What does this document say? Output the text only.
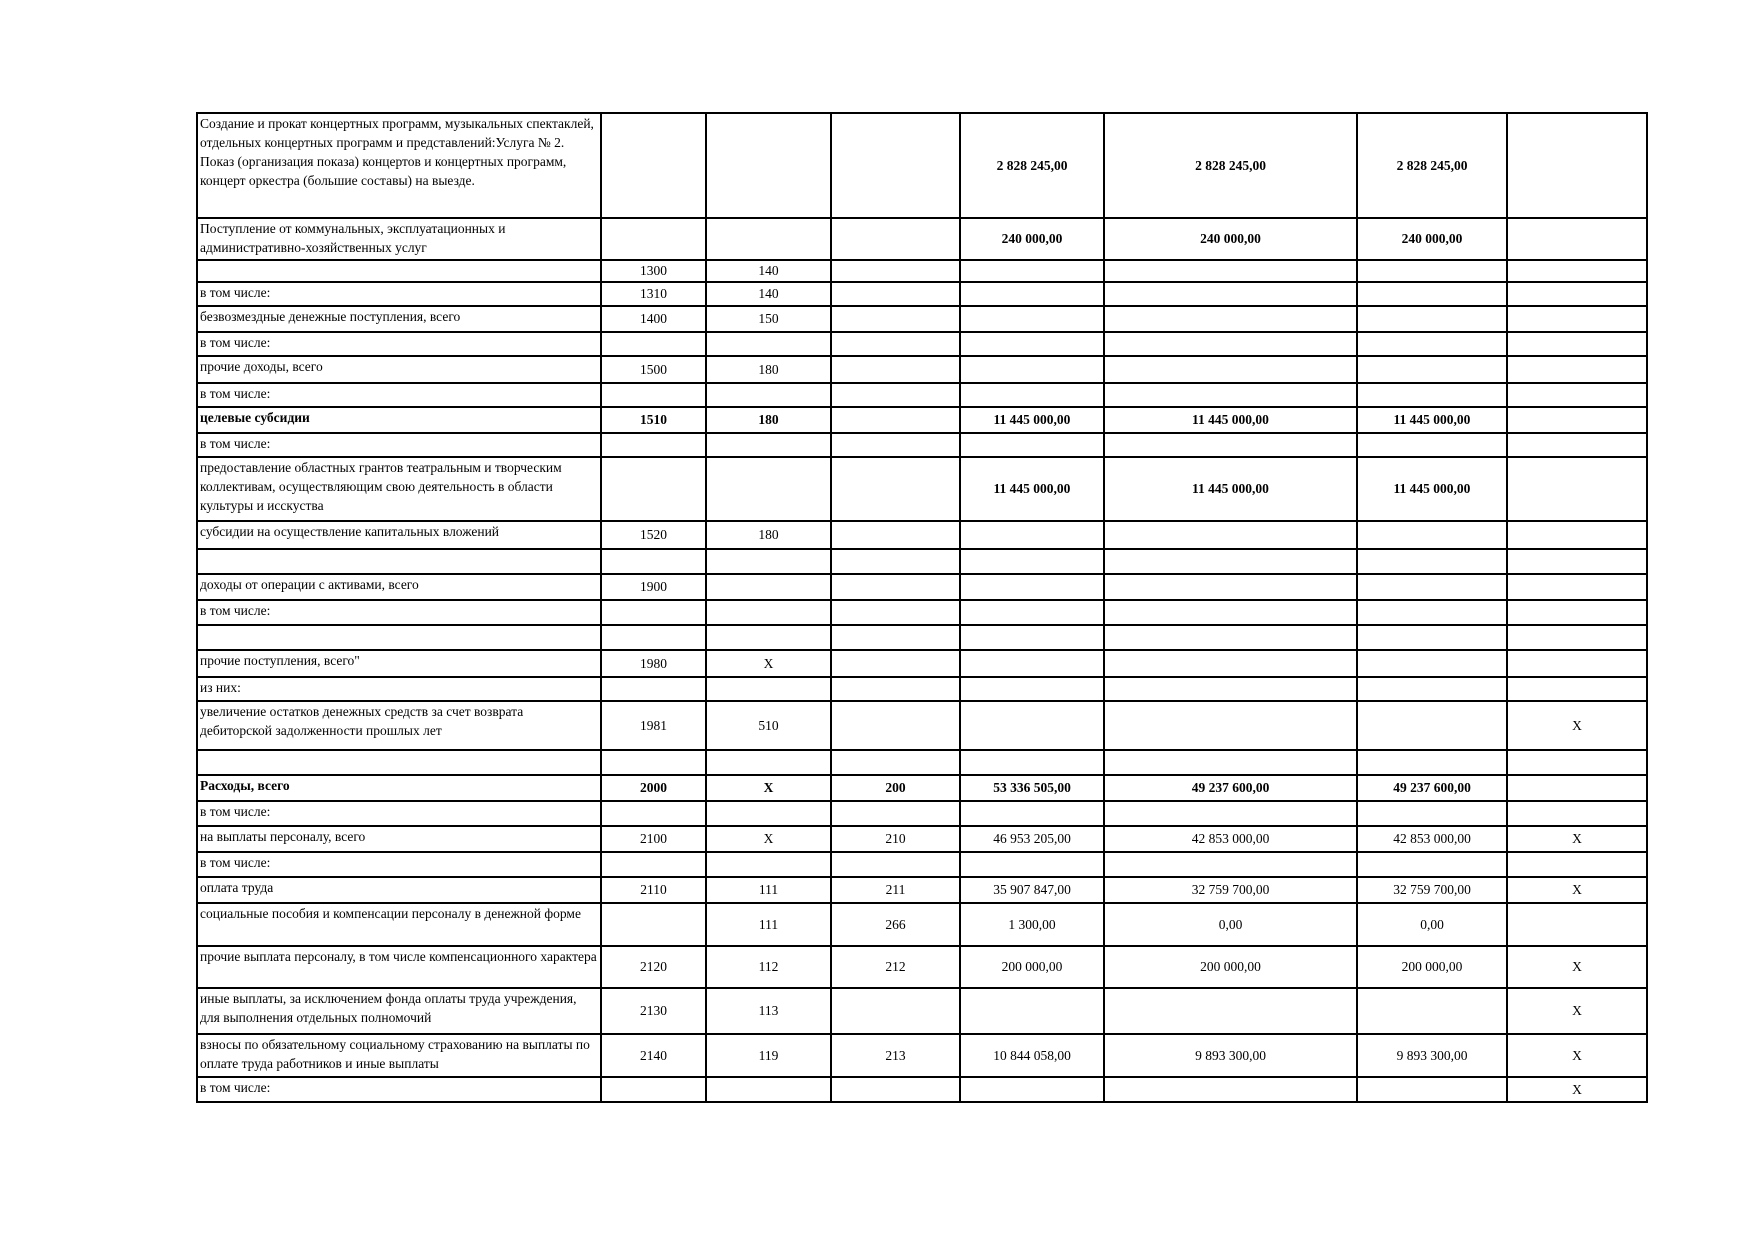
Создание и прокат концертных программ, музыкальных спектаклей, отдельных концертных программ и представлений:Услуга № 2. Показ (организация показа) концертов и концертных программ, концерт оркестра (большие составы) на выезде.				2 828 245,00	2 828 245,00	2 828 245,00	
Поступление от коммунальных, эксплуатационных и административно-хозяйственных услуг				240 000,00	240 000,00	240 000,00	
	1300	140					
в том числе:	1310	140					
безвозмездные денежные поступления, всего	1400	150					
в том числе:							
прочие доходы, всего	1500	180					
в том числе:							
целевые субсидии	1510	180		11 445 000,00	11 445 000,00	11 445 000,00	
в том числе:							
предоставление областных грантов театральным и творческим коллективам, осуществляющим свою деятельность в области культуры и исскуства				11 445 000,00	11 445 000,00	11 445 000,00	
субсидии на осуществление капитальных вложений	1520	180					

доходы от операции с активами, всего	1900						
в том числе:							

прочие поступления, всего"	1980	X					
из них:							
увеличение остатков денежных средств за счет возврата дебиторской задолженности прошлых лет	1981	510					X

Расходы, всего	2000	X	200	53 336 505,00	49 237 600,00	49 237 600,00	
в том числе:							
на выплаты персоналу, всего	2100	X	210	46 953 205,00	42 853 000,00	42 853 000,00	X
в том числе:							
оплата труда	2110	111	211	35 907 847,00	32 759 700,00	32 759 700,00	X
социальные пособия и компенсации персоналу в денежной форме		111	266	1 300,00	0,00	0,00	
прочие выплата персоналу, в том числе компенсационного характера	2120	112	212	200 000,00	200 000,00	200 000,00	X
иные выплаты, за исключением фонда оплаты труда учреждения, для выполнения отдельных полномочий	2130	113					X
взносы по обязательному социальному страхованию на выплаты по оплате труда работников и иные выплаты	2140	119	213	10 844 058,00	9 893 300,00	9 893 300,00	X
в том числе:							X
